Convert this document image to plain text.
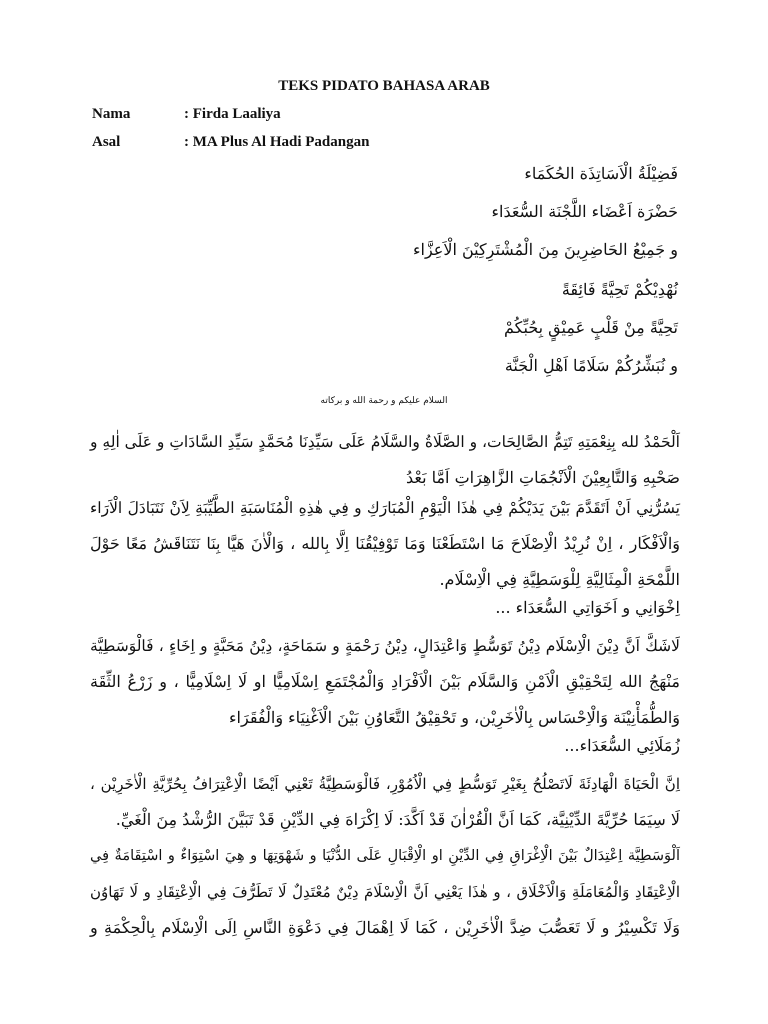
TEKS PIDATO BAHASA ARAB
Nama	: Firda Laaliya
Asal	: MA Plus Al Hadi Padangan
فَضِيْلَةُ الْاَسَاتِذَة الحُكَمَاء
حَضْرَة اَعْضَاء اللَّجْنَة السُّعَدَاء
و جَمِيْعُ الحَاضِرِينَ مِنَ الْمُشْتَرِكِيْنَ الْاَعِزَّاء
نُهْدِيْكُمْ تَحِيَّةً فَائِقَةً
تَحِيَّةً مِنْ قَلْبٍ عَمِيْقٍ بِحُبِّكُمْ
و نُبَشِّرُكُمْ سَلَامًا اَهْلِ الْجَنَّة
السلام عليكم و رحمة الله و بركاته
اَلْحَمْدُ لله بِنِعْمَتِهِ تَتِمُّ الصَّالِحَات، و الصَّلَاةُ والسَّلَامُ عَلَى سَيِّدِنَا مُحَمَّدٍ سَيِّدِ السَّادَاتِ و عَلَى اٰلِهِ و
صَحْبِهِ وَالتَّابِعِيْنَ الْاَنْجُمَاتِ الزَّاهِرَاتِ اَمَّا بَعْدُ
يَسُرُّنِي اَنْ اَتَقَدَّمَ بَيْنَ يَدَيْكُمْ فِي هٰذَا الْيَوْمِ الْمُبَارَكِ و فِي هٰذِهِ الْمُنَاسَبَةِ الطَّيِّبَةِ لِاَنْ نَتَبَادَلَ الْاَرَاء
وَالْاَفْكَار ، اِنْ نُرِيْدُ الْاِصْلَاحَ مَا اسْتَطَعْنَا وَمَا تَوْفِيْقُنَا اِلَّا بِالله ، وَالْاٰنَ هَيَّا بِنَا نَتَنَاقَشُ مَعًا حَوْلَ
اللَّمْحَةِ الْمِثَالِيَّةِ لِلْوَسَطِيَّةِ فِي الْاِسْلَام.
اِخْوَانِي و اَخَوَاتِي السُّعَدَاء ...
لَاشَكَّ اَنَّ دِيْنَ الْاِسْلَام دِيْنُ تَوَسُّطٍ وَاعْتِدَالٍ، دِيْنُ رَحْمَةٍ و سَمَاحَةٍ، دِيْنُ مَحَبَّةٍ و اِخَاءٍ ، فَالْوَسَطِيَّة
مَنْهَجُ الله لِتَحْقِيْقِ الْاَمْنِ وَالسَّلَام بَيْنَ الْاَفْرَادِ وَالْمُجْتَمَعِ اِسْلَامِيًّا او لَا اِسْلَامِيًّا ، و زَرْعُ الثِّقَة
وَالطُّمَأْنِيْنَة وَالْاِحْسَاس بِالْاٰخَرِيْن، و تَحْقِيْقُ التَّعَاوُنِ بَيْنَ الْاَغْنِيَاء وَالْفُقَرَاء
زُمَلَائِي السُّعَدَاء...
اِنَّ الْحَيَاةَ الْهَادِئَةَ لَاتَصْلُحُ بِغَيْرِ تَوَسُّطٍ فِي الْاُمُوْرِ، فَالْوَسَطِيَّةُ تَعْنِي اَيْضًا الْاِعْتِرَافُ بِحُرِّيَّةِ الْاٰخَرِيْن ،
لَا سِيَمَا حُرِّيَّةَ الدِّيْنِيَّة، كَمَا اَنَّ الْقُرْاٰنَ قَدْ اَكَّدَ: لَا اِكْرَاهَ فِي الدِّيْنِ قَدْ تَبَيَّنَ الرُّشْدُ مِنَ الْغَيِّ.
اَلْوَسَطِيَّة اِعْتِدَالٌ بَيْنَ الْاِغْرَاقِ فِي الدِّيْنِ او الْاِقْبَالِ عَلَى الدُّنْيَا و شَهْوَتِهَا و هِيَ اسْتِوَاءٌ و اسْتِقَامَةٌ فِي
الْاِعْتِقَادِ وَالْمُعَامَلَةِ وَالْاَخْلَاق ، و هٰذَا يَعْنِي اَنَّ الْاِسْلَامَ دِيْنٌ مُعْتَدِلٌ لَا تَطَرُّفَ فِي الْاِعْتِقَادِ و لَا تَهَاوُن
وَلَا تَكْسِيْرُ و لَا تَعَصُّبَ ضِدَّ الْاٰخَرِيْن ، كَمَا لَا اِهْمَالَ فِي دَعْوَةِ النَّاسِ اِلَى الْاِسْلَام بِالْحِكْمَةِ و
